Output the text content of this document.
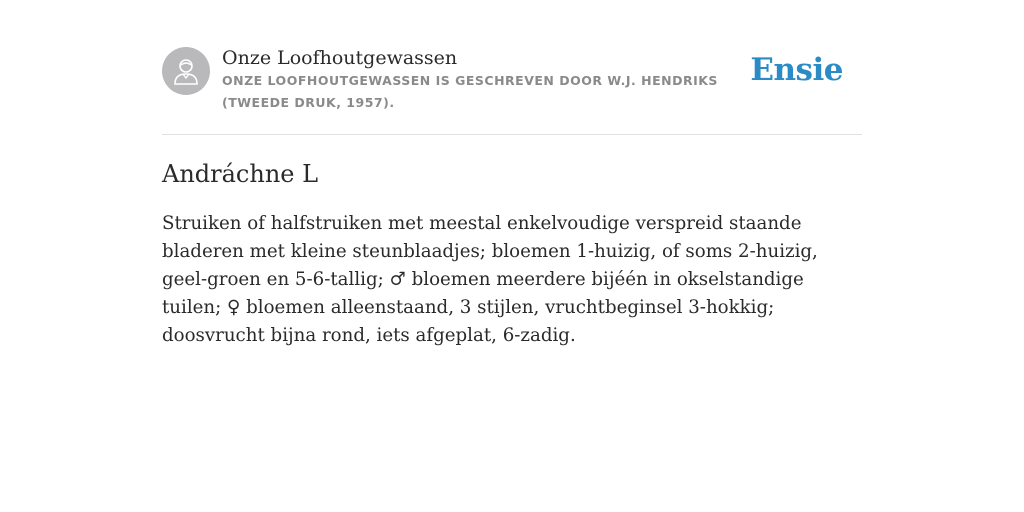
Onze Loofhoutgewassen
ONZE LOOFHOUTGEWASSEN IS GESCHREVEN DOOR W.J. HENDRIKS (TWEEDE DRUK, 1957).
Ensie
Andráchne L
Struiken of halfstruiken met meestal enkelvoudige verspreid staande bladeren met kleine steunblaadjes; bloemen 1-huizig, of soms 2-huizig, geel-groen en 5-6-tallig; ♂ bloemen meerdere bijéén in okselstandige tuilen; ♀ bloemen alleenstaand, 3 stijlen, vruchtbeginsel 3-hokkig; doosvrucht bijna rond, iets afgeplat, 6-zadig.
